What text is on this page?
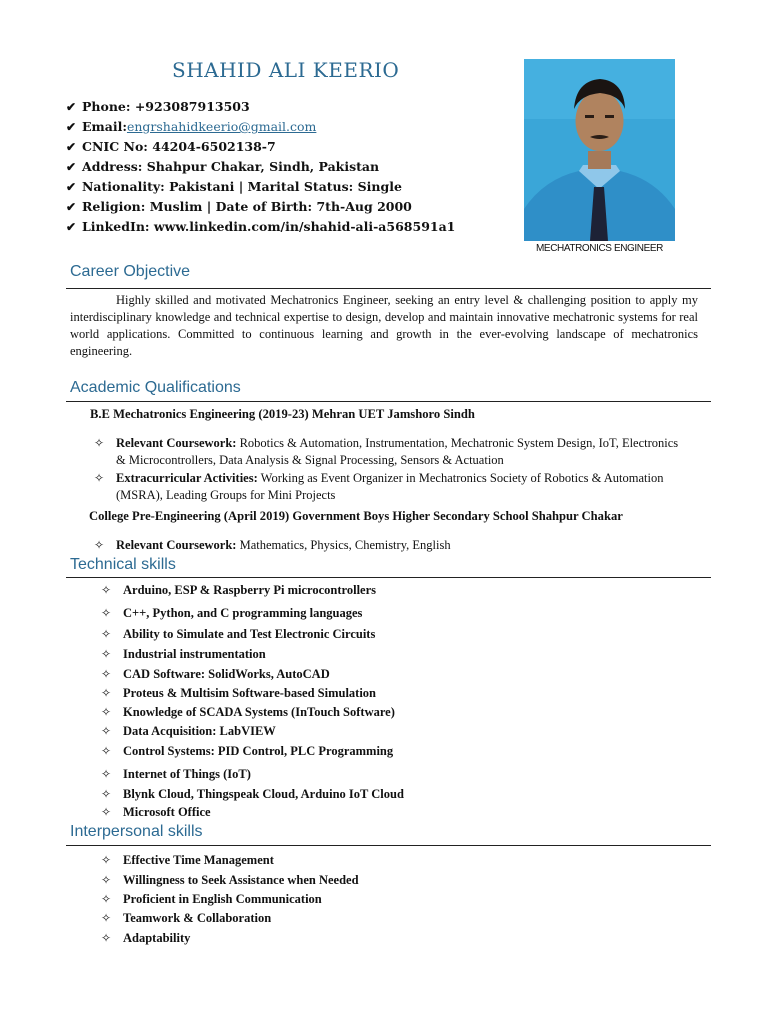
SHAHID ALI KEERIO
✔ Phone: +923087913503
✔ Email:engrshahidkeerio@gmail.com
✔ CNIC No: 44204-6502138-7
✔ Address: Shahpur Chakar, Sindh, Pakistan
✔ Nationality: Pakistani | Marital Status: Single
✔ Religion: Muslim | Date of Birth: 7th-Aug 2000
✔ LinkedIn: www.linkedin.com/in/shahid-ali-a568591a1
MECHATRONICS ENGINEER
Career Objective
Highly skilled and motivated Mechatronics Engineer, seeking an entry level & challenging position to apply my interdisciplinary knowledge and technical expertise to design, develop and maintain innovative mechatronic systems for real world applications. Committed to continuous learning and growth in the ever-evolving landscape of mechatronics engineering.
Academic Qualifications
B.E Mechatronics Engineering (2019-23) Mehran UET Jamshoro Sindh
✧ Relevant Coursework: Robotics & Automation, Instrumentation, Mechatronic System Design, IoT, Electronics & Microcontrollers, Data Analysis & Signal Processing, Sensors & Actuation
✧ Extracurricular Activities: Working as Event Organizer in Mechatronics Society of Robotics & Automation (MSRA), Leading Groups for Mini Projects
College Pre-Engineering (April 2019) Government Boys Higher Secondary School Shahpur Chakar
✧ Relevant Coursework: Mathematics, Physics, Chemistry, English
Technical skills
✧ Arduino, ESP & Raspberry Pi microcontrollers
✧ C++, Python, and C programming languages
✧ Ability to Simulate and Test Electronic Circuits
✧ Industrial instrumentation
✧ CAD Software: SolidWorks, AutoCAD
✧ Proteus & Multisim Software-based Simulation
✧ Knowledge of SCADA Systems (InTouch Software)
✧ Data Acquisition: LabVIEW
✧ Control Systems: PID Control, PLC Programming
✧ Internet of Things (IoT)
✧ Blynk Cloud, Thingspeak Cloud, Arduino IoT Cloud
✧ Microsoft Office
Interpersonal skills
✧ Effective Time Management
✧ Willingness to Seek Assistance when Needed
✧ Proficient in English Communication
✧ Teamwork & Collaboration
✧ Adaptability
